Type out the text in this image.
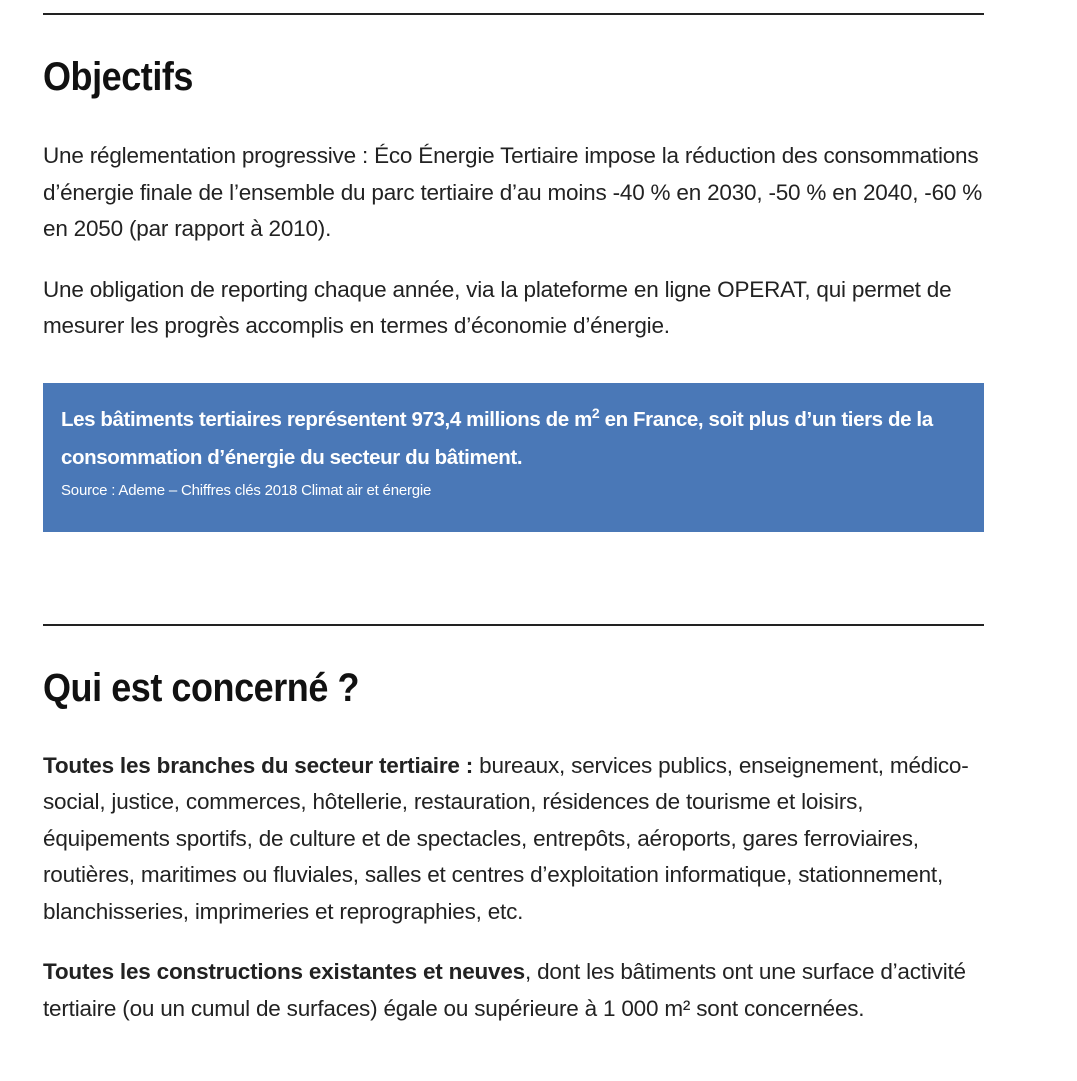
Objectifs

Une réglementation progressive : Éco Énergie Tertiaire impose la réduction des consommations d’énergie finale de l’ensemble du parc tertiaire d’au moins -40 % en 2030, -50 % en 2040, -60 % en 2050 (par rapport à 2010).

Une obligation de reporting chaque année, via la plateforme en ligne OPERAT, qui permet de mesurer les progrès accomplis en termes d’économie d’énergie.

Les bâtiments tertiaires représentent 973,4 millions de $m^2$ en France, soit plus d’un tiers de la consommation d’énergie du secteur du bâtiment.
Source : Ademe – Chiffres clés 2018 Climat air et énergie
Qui est concerné ?

Toutes les branches du secteur tertiaire : bureaux, services publics, enseignement, médico-social, justice, commerces, hôtellerie, restauration, résidences de tourisme et loisirs, équipements sportifs, de culture et de spectacles, entrepôts, aéroports, gares ferroviaires, routières, maritimes ou fluviales, salles et centres d’exploitation informatique, stationnement, blanchisseries, imprimeries et reprographies, etc.

Toutes les constructions existantes et neuves, dont les bâtiments ont une surface d’activité tertiaire (ou un cumul de surfaces) égale ou supérieure à 1 000 m² sont concernées.
